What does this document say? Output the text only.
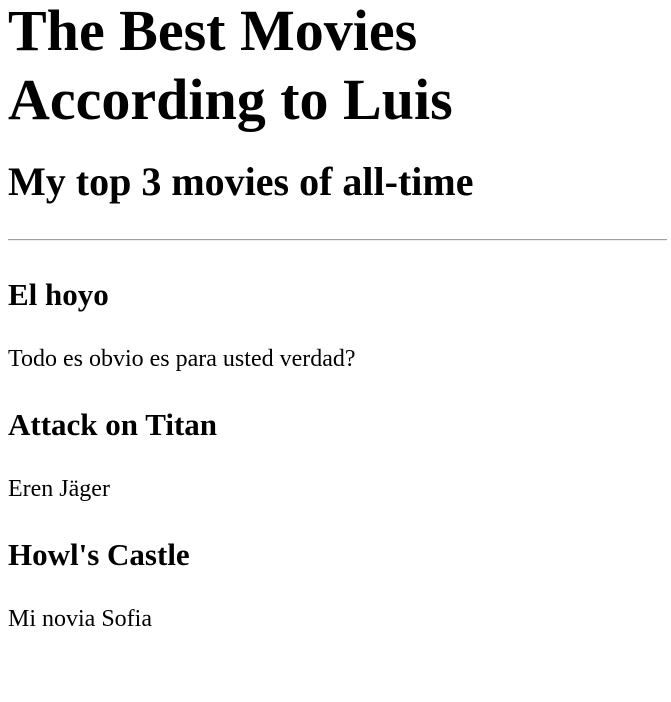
The Best Movies According to Luis
My top 3 movies of all-time
El hoyo

Todo es obvio es para usted verdad?

Attack on Titan

Eren Jäger

Howl's Castle

Mi novia Sofia
